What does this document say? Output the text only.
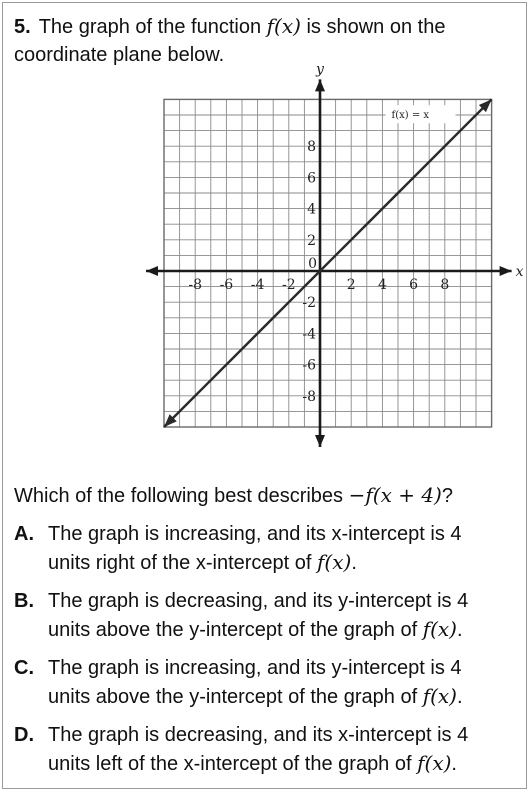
5. The graph of the function f(x) is shown on the coordinate plane below.
x
y
-8 -6 -4 -2	2 4 6 8
8
6
4
2
-2
-4
-6
-8
0
f(x) = x
Which of the following best describes −f(x + 4)?
A. The graph is increasing, and its x-intercept is 4
units right of the x-intercept of f(x).
B. The graph is decreasing, and its y-intercept is 4
units above the y-intercept of the graph of f(x).
C. The graph is increasing, and its y-intercept is 4
units above the y-intercept of the graph of f(x).
D. The graph is decreasing, and its x-intercept is 4
units left of the x-intercept of the graph of f(x).
